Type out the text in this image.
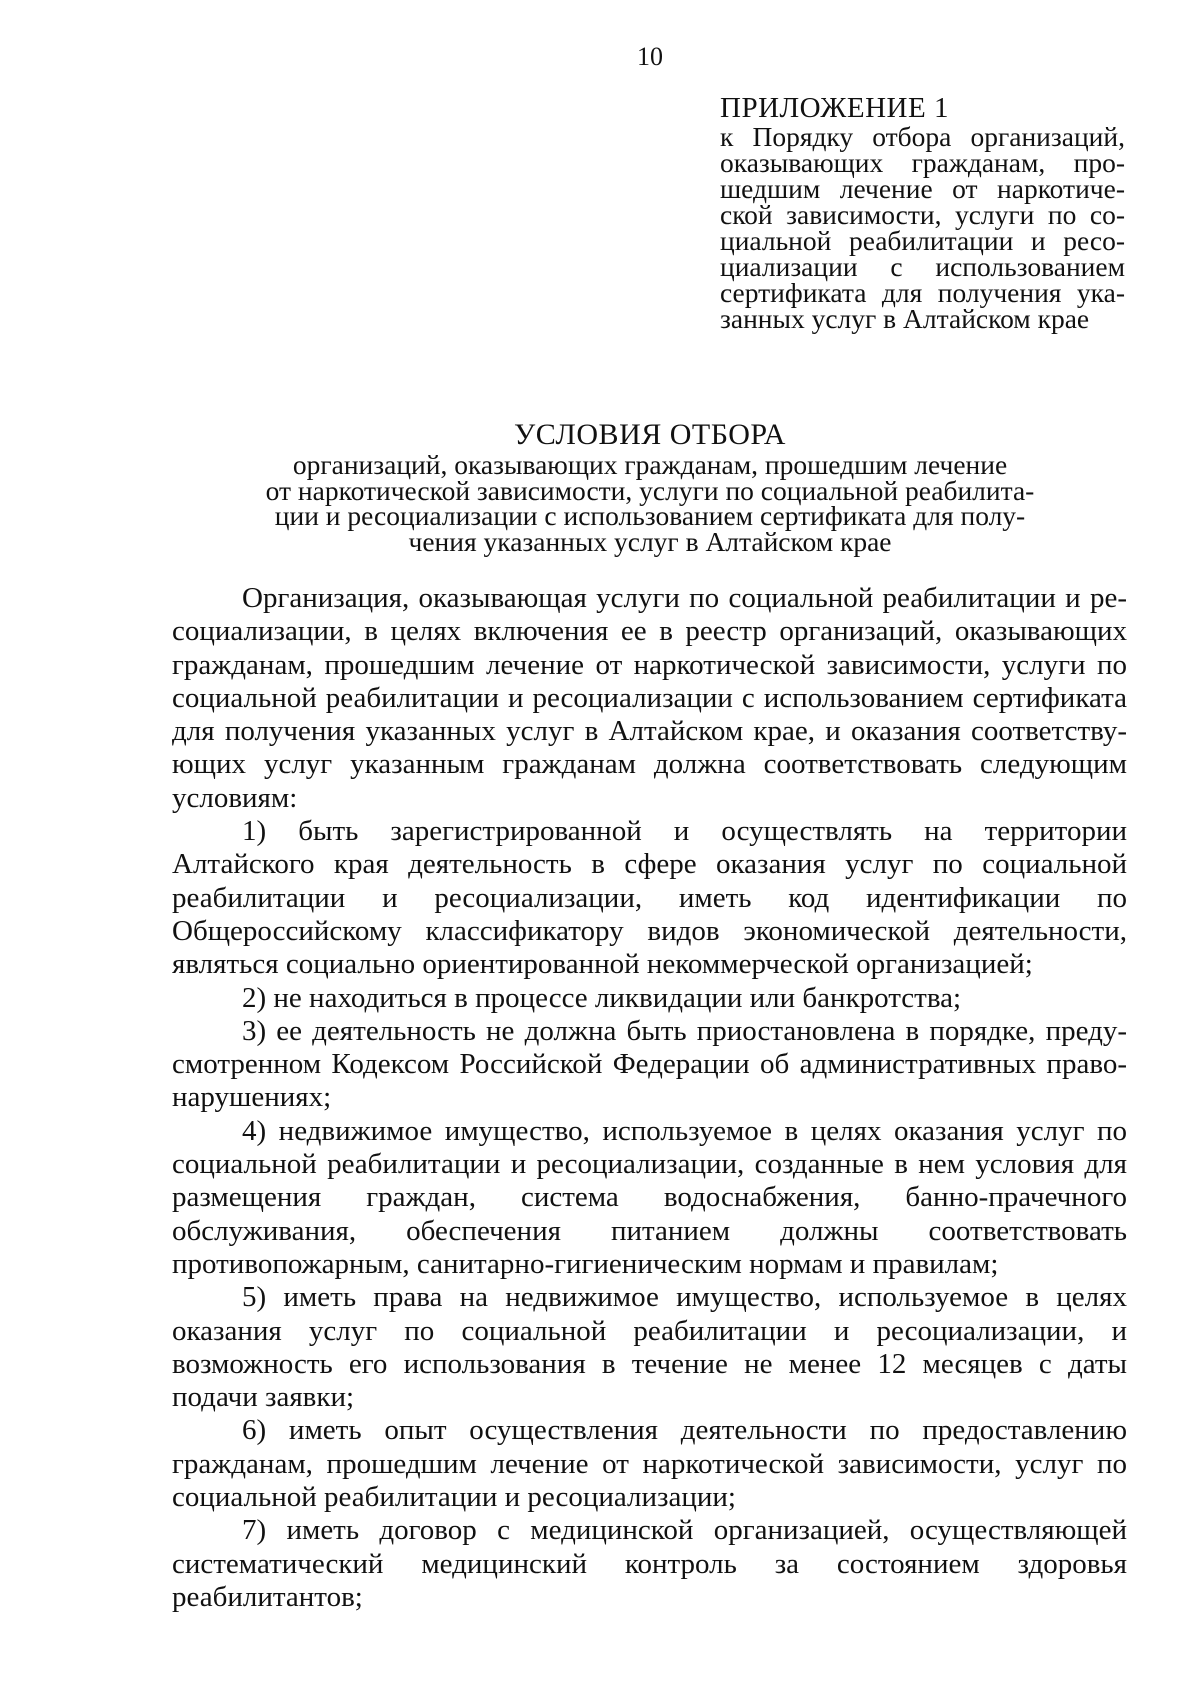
10
ПРИЛОЖЕНИЕ 1
к Порядку отбора организаций, оказывающих гражданам, прошедшим лечение от наркотической зависимости, услуги по социальной реабилитации и ресоциализации с использованием сертификата для получения указанных услуг в Алтайском крае
УСЛОВИЯ ОТБОРА
организаций, оказывающих гражданам, прошедшим лечение
от наркотической зависимости, услуги по социальной реабилита-
ции и ресоциализации с использованием сертификата для полу-
чения указанных услуг в Алтайском крае

Организация, оказывающая услуги по социальной реабилитации и ресоциализации, в целях включения ее в реестр организаций, оказывающих гражданам, прошедшим лечение от наркотической зависимости, услуги по социальной реабилитации и ресоциализации с использованием сертификата для получения указанных услуг в Алтайском крае, и оказания соответствующих услуг указанным гражданам должна соответствовать следующим условиям:

1) быть зарегистрированной и осуществлять на территории Алтайского края деятельность в сфере оказания услуг по социальной реабилитации и ресоциализации, иметь код идентификации по Общероссийскому классификатору видов экономической деятельности, являться социально ориентированной некоммерческой организацией;

2) не находиться в процессе ликвидации или банкротства;

3) ее деятельность не должна быть приостановлена в порядке, предусмотренном Кодексом Российской Федерации об административных правонарушениях;

4) недвижимое имущество, используемое в целях оказания услуг по социальной реабилитации и ресоциализации, созданные в нем условия для размещения граждан, система водоснабжения, банно-прачечного обслуживания, обеспечения питанием должны соответствовать противопожарным, санитарно-гигиеническим нормам и правилам;

5) иметь права на недвижимое имущество, используемое в целях оказания услуг по социальной реабилитации и ресоциализации, и возможность его использования в течение не менее 12 месяцев с даты подачи заявки;

6) иметь опыт осуществления деятельности по предоставлению гражданам, прошедшим лечение от наркотической зависимости, услуг по социальной реабилитации и ресоциализации;

7) иметь договор с медицинской организацией, осуществляющей систематический медицинский контроль за состоянием здоровья реабилитантов;
